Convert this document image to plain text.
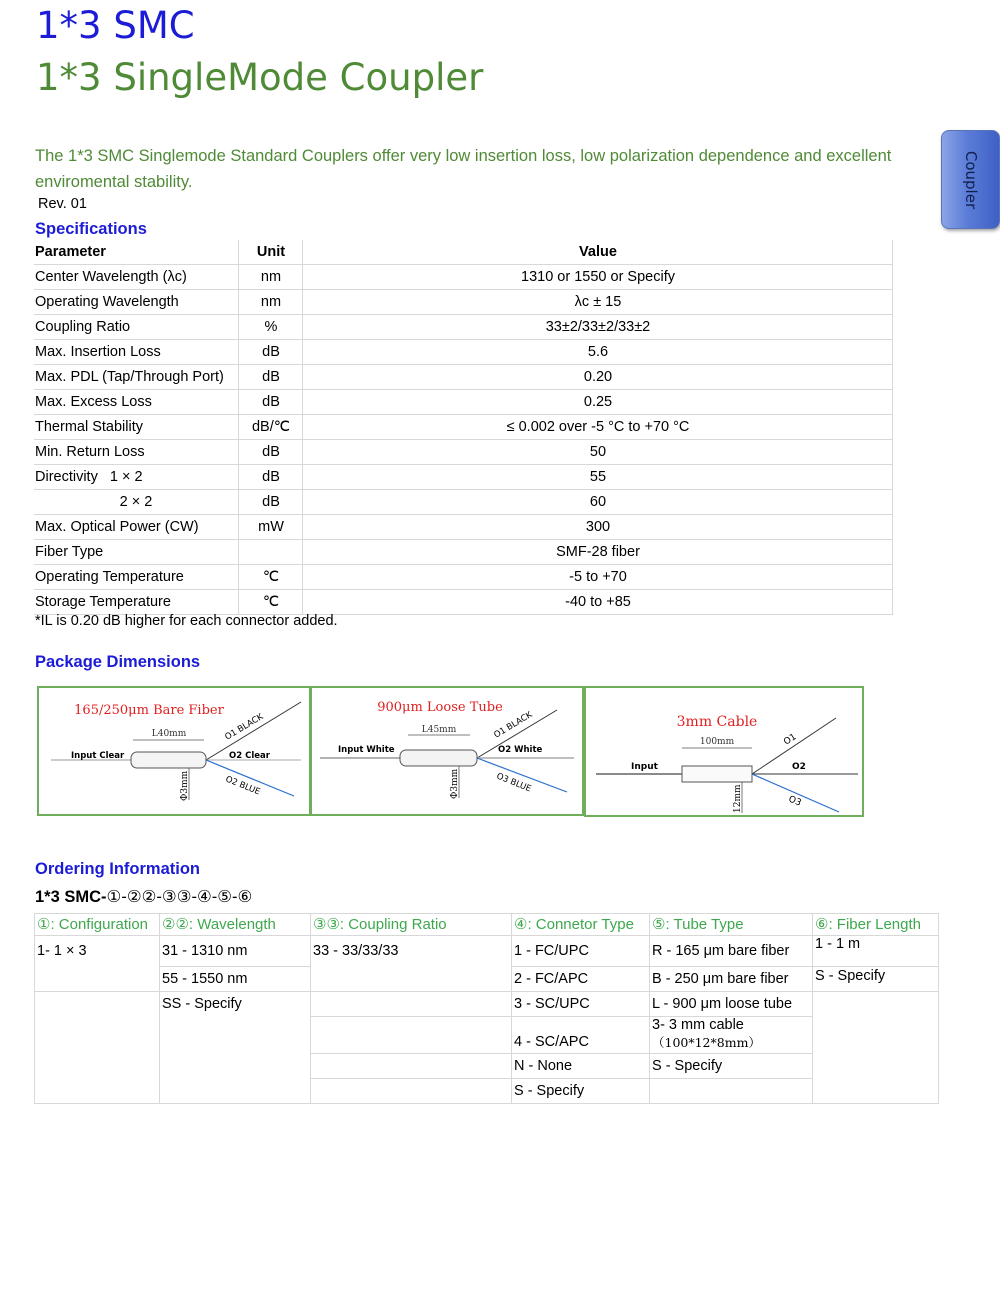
1*3 SMC
1*3 SingleMode Coupler
Coupler

The 1*3 SMC Singlemode Standard Couplers offer very low insertion loss, low polarization dependence and excellent enviromental stability.

Rev. 01
Specifications
Parameter	Unit	Value
Center Wavelength (λc)	nm	1310 or 1550 or Specify
Operating Wavelength	nm	λc ± 15
Coupling Ratio	%	33±2/33±2/33±2
Max. Insertion Loss	dB	5.6
Max. PDL (Tap/Through Port)	dB	0.20
Max. Excess Loss	dB	0.25
Thermal Stability	dB/℃	≤ 0.002 over -5 °C to +70 °C
Min. Return Loss	dB	50
Directivity   1 × 2	dB	55
2 × 2	dB	60
Max. Optical Power (CW)	mW	300
Fiber Type		SMF-28 fiber
Operating Temperature	℃	-5 to +70
Storage Temperature	℃	-40 to +85
*IL is 0.20 dB higher for each connector added.
Package Dimensions
165/250μm Bare Fiber
L40mm
Input Clear	O2 Clear
O1 BLACK
O2 BLUE
Φ3mm
900μm Loose Tube
L45mm
Input White	O2 White
O1 BLACK
O3 BLUE
Φ3mm
3mm Cable
100mm
Input	O2
O1
O3
12mm
Ordering Information
1*3 SMC-①-②②-③③-④-⑤-⑥
①: Configuration	②②: Wavelength	③③: Coupling Ratio	④: Connetor Type	⑤: Tube Type	⑥: Fiber Length
1- 1 × 3	31 - 1310 nm	33 - 33/33/33	1 - FC/UPC	R - 165 μm bare fiber	1 - 1 m
	55 - 1550 nm		2 - FC/APC	B - 250 μm bare fiber	S - Specify
	SS - Specify		3 - SC/UPC	L - 900 μm loose tube	
			4 - SC/APC	3- 3 mm cable
（100*12*8mm）	

			N - None	S - Specify	
			S - Specify		
